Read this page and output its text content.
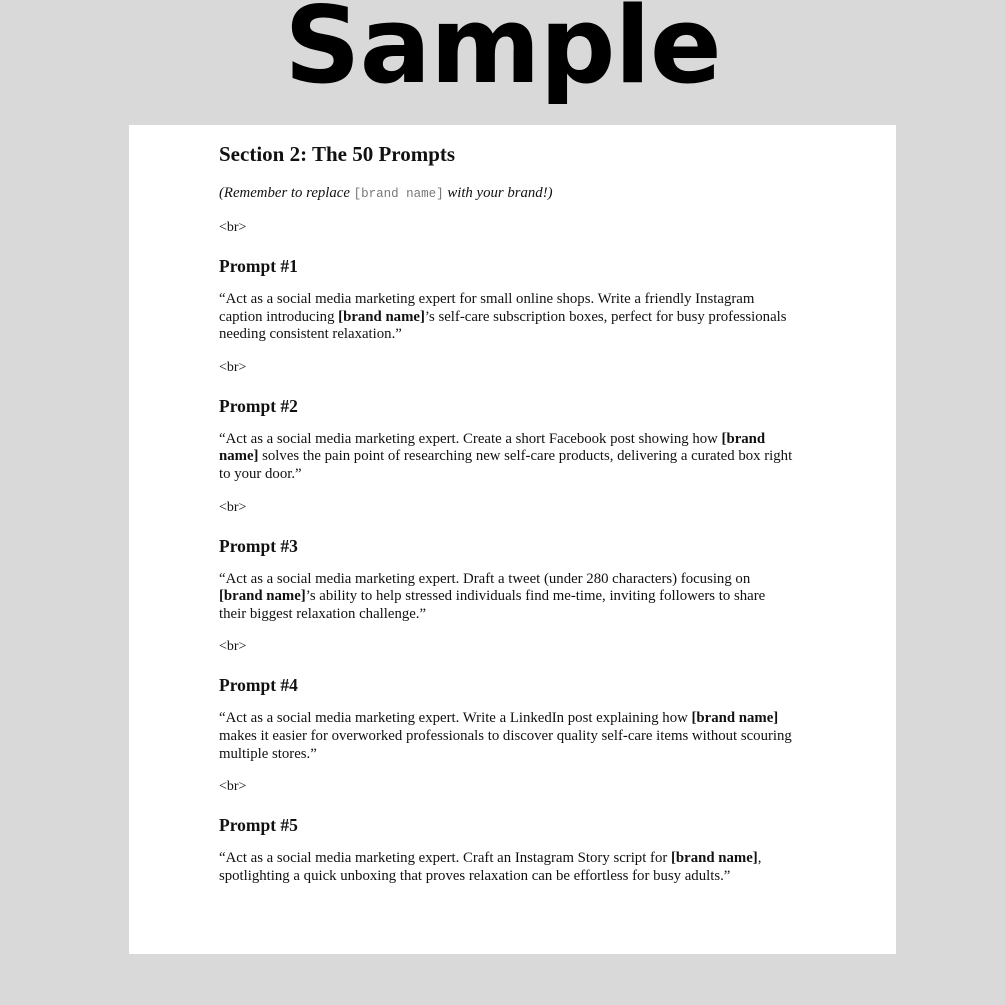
Sample
Section 2: The 50 Prompts
(Remember to replace [brand name] with your brand!)
<br>
Prompt #1
“Act as a social media marketing expert for small online shops. Write a friendly Instagram
caption introducing [brand name]’s self-care subscription boxes, perfect for busy professionals
needing consistent relaxation.”
<br>
Prompt #2
“Act as a social media marketing expert. Create a short Facebook post showing how [brand
name] solves the pain point of researching new self-care products, delivering a curated box right
to your door.”
<br>
Prompt #3
“Act as a social media marketing expert. Draft a tweet (under 280 characters) focusing on
[brand name]’s ability to help stressed individuals find me-time, inviting followers to share
their biggest relaxation challenge.”
<br>
Prompt #4
“Act as a social media marketing expert. Write a LinkedIn post explaining how [brand name]
makes it easier for overworked professionals to discover quality self-care items without scouring
multiple stores.”
<br>
Prompt #5
“Act as a social media marketing expert. Craft an Instagram Story script for [brand name],
spotlighting a quick unboxing that proves relaxation can be effortless for busy adults.”
